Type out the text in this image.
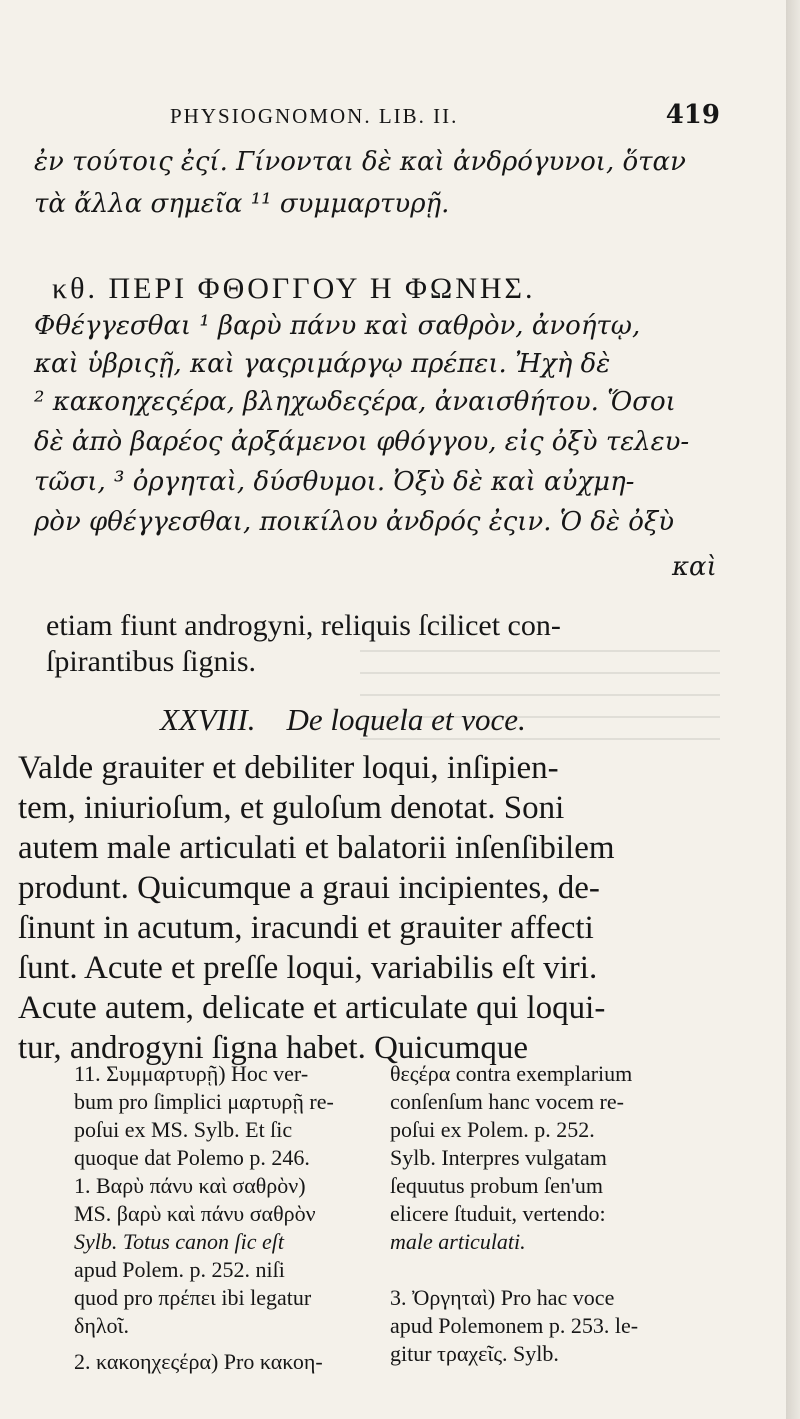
PHYSIOGNOMON. LIB. II.	419
ἐν τούτοις ἐςί. Γίνονται δὲ καὶ ἀνδρόγυνοι, ὅταν
τὰ ἄλλα σημεῖα ¹¹ συμμαρτυρῇ.
κθ. ΠΕΡΙ ΦΘΟΓΓΟΥ Η ΦΩΝΗΣ.
Φθέγγεσθαι ¹ βαρὺ πάνυ καὶ σαθρὸν, ἀνοήτῳ,
καὶ ὑβριςῇ, καὶ γαςριμάργῳ πρέπει. Ἠχὴ δὲ
² κακοηχεςέρα, βληχωδεςέρα, ἀναισθήτου. Ὅσοι
δὲ ἀπὸ βαρέος ἀρξάμενοι φθόγγου, εἰς ὀξὺ τελευ-
τῶσι, ³ ὀργηταὶ, δύσθυμοι. Ὀξὺ δὲ καὶ αὐχμη-
ρὸν φθέγγεσθαι, ποικίλου ἀνδρός ἐςιν. Ὁ δὲ ὀξὺ
καὶ
etiam fiunt androgyni, reliquis ſcilicet con-
ſpirantibus ſignis.
XXVIII. De loquela et voce.
Valde grauiter et debiliter loqui, inſipien-
tem, iniurioſum, et guloſum denotat. Soni
autem male articulati et balatorii inſenſibilem
produnt. Quicumque a graui incipientes, de-
ſinunt in acutum, iracundi et grauiter affecti
ſunt. Acute et preſſe loqui, variabilis eſt viri.
Acute autem, delicate et articulate qui loqui-
tur, androgyni ſigna habet. Quicumque
11. Συμμαρτυρῇ) Hoc ver-
bum pro ſimplici μαρτυρῇ re-
poſui ex MS. Sylb. Et ſic
quoque dat Polemo p. 246.
1. Βαρὺ πάνυ καὶ σαθρὸν)
MS. βαρὺ καὶ πάνυ σαθρὸν
Sylb. Totus canon ſic eſt
apud Polem. p. 252. niſi
quod pro πρέπει ibi legatur
δηλοῖ.
2. κακοηχεςέρα) Pro κακοη-
θεςέρα contra exemplarium
conſenſum hanc vocem re-
poſui ex Polem. p. 252.
Sylb. Interpres vulgatam
ſequutus probum ſen'um
elicere ſtuduit, vertendo:
male articulati.

3. Ὀργηταὶ) Pro hac voce
apud Polemonem p. 253. le-
gitur τραχεῖς. Sylb.
